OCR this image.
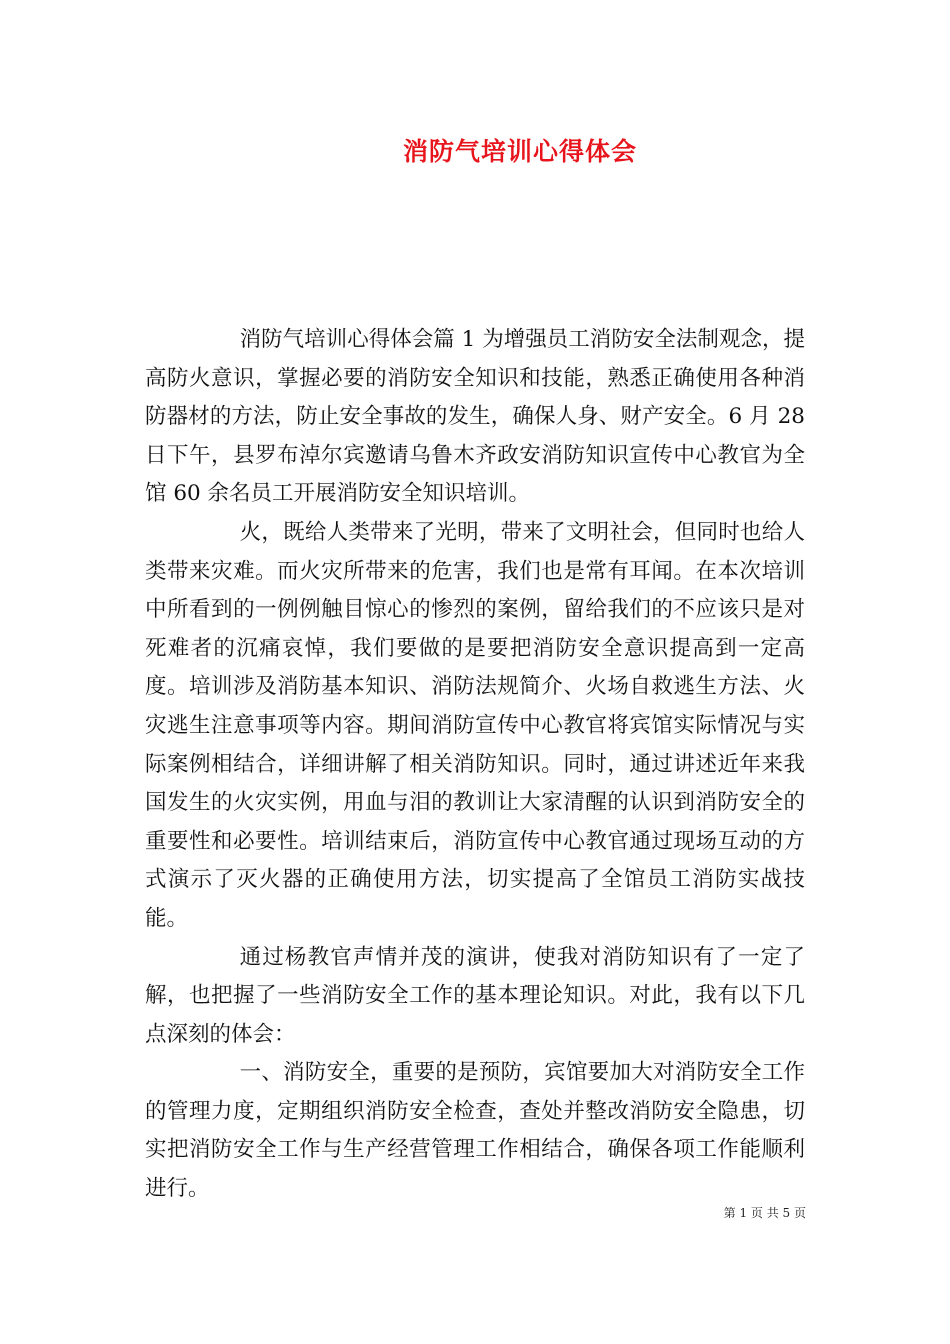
消防气培训心得体会

消防气培训心得体会篇 1 为增强员工消防安全法制观念，提高防火意识，掌握必要的消防安全知识和技能，熟悉正确使用各种消防器材的方法，防止安全事故的发生，确保人身、财产安全。6 月 28 日下午，县罗布淖尔宾邀请乌鲁木齐政安消防知识宣传中心教官为全馆 60 余名员工开展消防安全知识培训。

火，既给人类带来了光明，带来了文明社会，但同时也给人类带来灾难。而火灾所带来的危害，我们也是常有耳闻。在本次培训中所看到的一例例触目惊心的惨烈的案例，留给我们的不应该只是对死难者的沉痛哀悼，我们要做的是要把消防安全意识提高到一定高度。培训涉及消防基本知识、消防法规简介、火场自救逃生方法、火灾逃生注意事项等内容。期间消防宣传中心教官将宾馆实际情况与实际案例相结合，详细讲解了相关消防知识。同时，通过讲述近年来我国发生的火灾实例，用血与泪的教训让大家清醒的认识到消防安全的重要性和必要性。培训结束后，消防宣传中心教官通过现场互动的方式演示了灭火器的正确使用方法，切实提高了全馆员工消防实战技能。

通过杨教官声情并茂的演讲，使我对消防知识有了一定了解，也把握了一些消防安全工作的基本理论知识。对此，我有以下几点深刻的体会：

一、消防安全，重要的是预防，宾馆要加大对消防安全工作的管理力度，定期组织消防安全检查，查处并整改消防安全隐患，切实把消防安全工作与生产经营管理工作相结合，确保各项工作能顺利进行。

第 1 页 共 5 页
